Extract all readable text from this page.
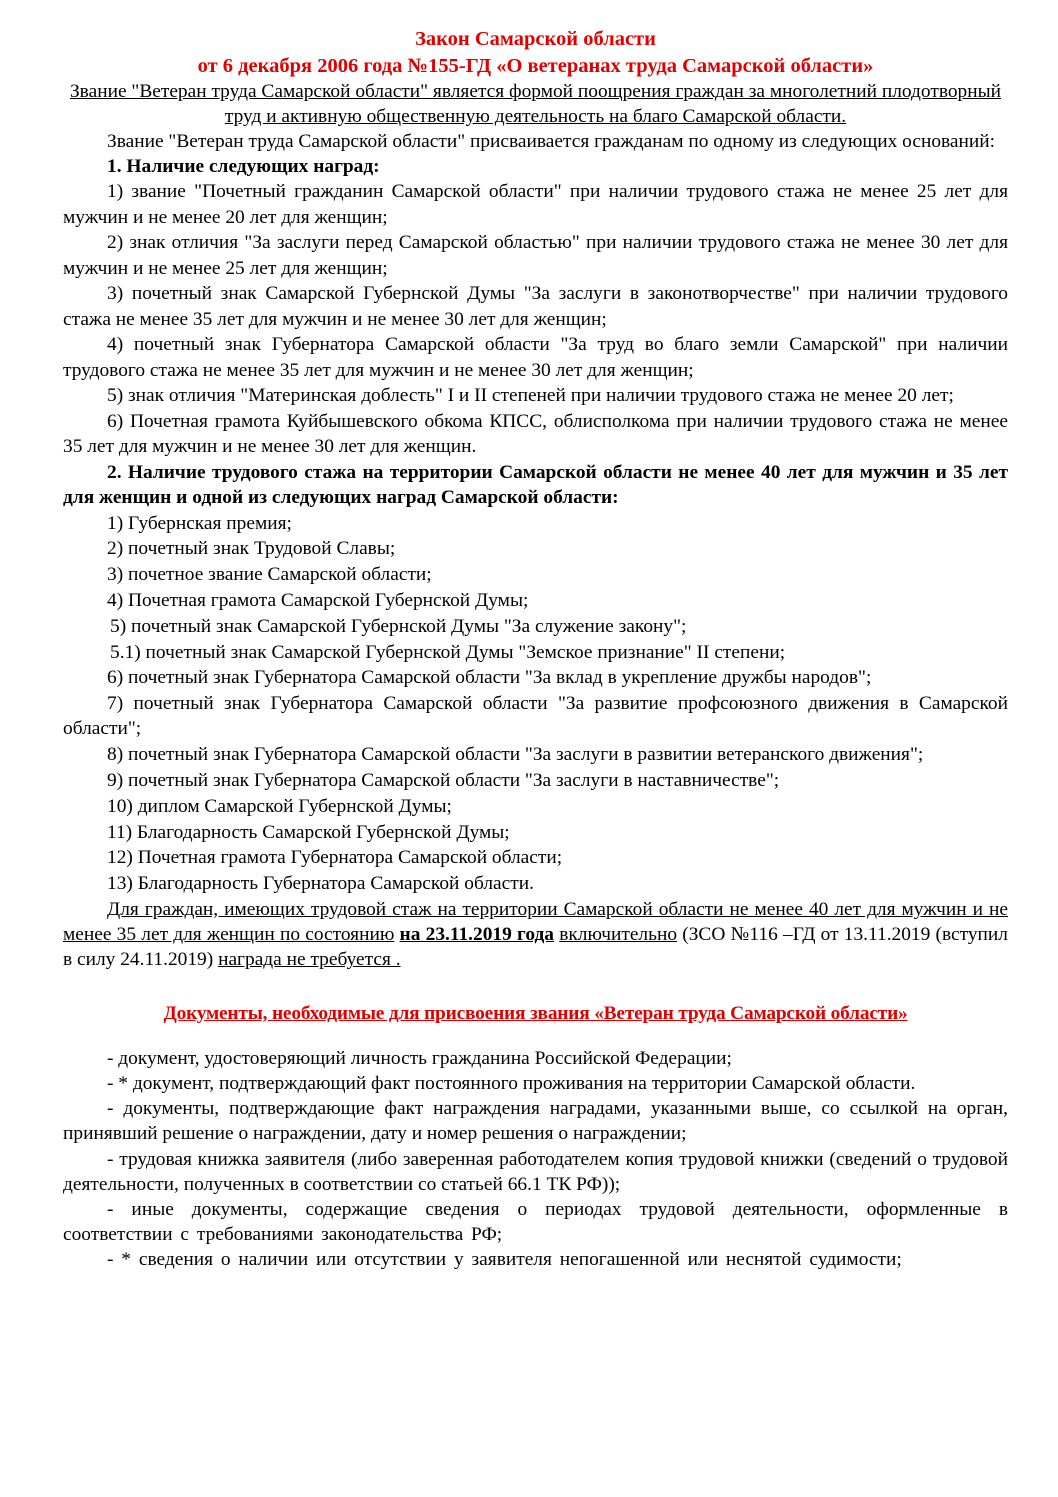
Закон Самарской области
от 6 декабря 2006 года №155-ГД «О ветеранах труда Самарской области»
Звание "Ветеран труда Самарской области" является формой поощрения граждан за многолетний плодотворный труд и активную общественную деятельность на благо Самарской области.

Звание "Ветеран труда Самарской области" присваивается гражданам по одному из следующих оснований:

1. Наличие следующих наград:
1) звание "Почетный гражданин Самарской области" при наличии трудового стажа не менее 25 лет для мужчин и не менее 20 лет для женщин;
2) знак отличия "За заслуги перед Самарской областью" при наличии трудового стажа не менее 30 лет для мужчин и не менее 25 лет для женщин;
3) почетный знак Самарской Губернской Думы "За заслуги в законотворчестве" при наличии трудового стажа не менее 35 лет для мужчин и не менее 30 лет для женщин;
4) почетный знак Губернатора Самарской области "За труд во благо земли Самарской" при наличии трудового стажа не менее 35 лет для мужчин и не менее 30 лет для женщин;
5) знак отличия "Материнская доблесть" I и II степеней при наличии трудового стажа не менее 20 лет;
6) Почетная грамота Куйбышевского обкома КПСС, облисполкома при наличии трудового стажа не менее 35 лет для мужчин и не менее 30 лет для женщин.
2. Наличие трудового стажа на территории Самарской области не менее 40 лет для мужчин и 35 лет для женщин и одной из следующих наград Самарской области:
1) Губернская премия;
2) почетный знак Трудовой Славы;
3) почетное звание Самарской области;
4) Почетная грамота Самарской Губернской Думы;
5) почетный знак Самарской Губернской Думы "За служение закону";
5.1) почетный знак Самарской Губернской Думы "Земское признание" II степени;
6) почетный знак Губернатора Самарской области "За вклад в укрепление дружбы народов";
7) почетный знак Губернатора Самарской области "За развитие профсоюзного движения в Самарской области";
8) почетный знак Губернатора Самарской области "За заслуги в развитии ветеранского движения";
9) почетный знак Губернатора Самарской области "За заслуги в наставничестве";
10) диплом Самарской Губернской Думы;
11) Благодарность Самарской Губернской Думы;
12) Почетная грамота Губернатора Самарской области;
13) Благодарность Губернатора Самарской области.
Для граждан, имеющих трудовой стаж на территории Самарской области не менее 40 лет для мужчин и не менее 35 лет для женщин по состоянию на 23.11.2019 года включительно (ЗСО №116 –ГД от 13.11.2019 (вступил в силу 24.11.2019) награда не требуется .
Документы, необходимые для присвоения звания «Ветеран труда Самарской области»
- документ, удостоверяющий личность гражданина Российской Федерации;
- * документ, подтверждающий факт постоянного проживания на территории Самарской области.
- документы, подтверждающие факт награждения наградами, указанными выше, со ссылкой на орган, принявший решение о награждении, дату и номер решения о награждении;
- трудовая книжка заявителя (либо заверенная работодателем копия трудовой книжки (сведений о трудовой деятельности, полученных в соответствии со статьей 66.1 ТК РФ));
- иные документы, содержащие сведения о периодах трудовой деятельности, оформленные в соответствии с требованиями законодательства РФ;
- * сведения о наличии или отсутствии у заявителя непогашенной или неснятой судимости;
